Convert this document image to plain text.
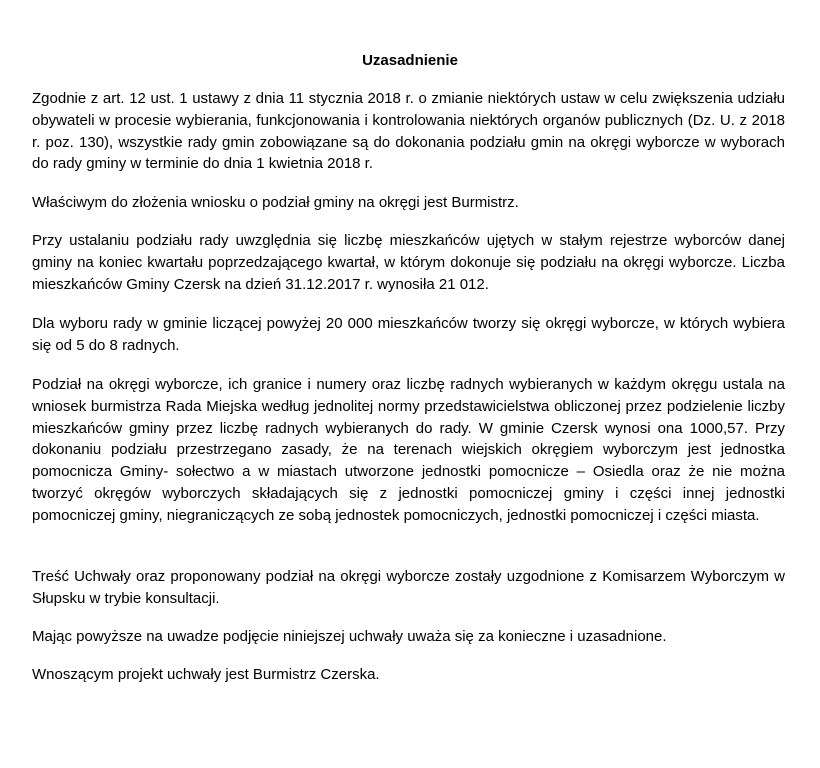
Uzasadnienie

Zgodnie z art. 12 ust. 1 ustawy z dnia 11 stycznia 2018 r. o zmianie niektórych ustaw w celu zwiększenia udziału obywateli w procesie wybierania, funkcjonowania i kontrolowania niektórych organów publicznych (Dz. U. z 2018 r. poz. 130), wszystkie rady gmin zobowiązane są do dokonania podziału gmin na okręgi wyborcze w wyborach do rady gminy w terminie do dnia 1 kwietnia 2018 r.

Właściwym do złożenia wniosku o podział gminy na okręgi jest Burmistrz.

Przy ustalaniu podziału rady uwzględnia się liczbę mieszkańców ujętych w stałym rejestrze wyborców danej gminy na koniec kwartału poprzedzającego kwartał, w którym dokonuje się podziału na okręgi wyborcze. Liczba mieszkańców Gminy Czersk na dzień 31.12.2017 r. wynosiła 21 012.

Dla wyboru rady w gminie liczącej powyżej 20 000 mieszkańców tworzy się okręgi wyborcze, w których wybiera się od 5 do 8 radnych.

Podział na okręgi wyborcze, ich granice i numery oraz liczbę radnych wybieranych w każdym okręgu ustala na wniosek burmistrza Rada Miejska według jednolitej normy przedstawicielstwa obliczonej przez podzielenie liczby mieszkańców gminy przez liczbę radnych wybieranych do rady. W gminie Czersk wynosi ona 1000,57. Przy dokonaniu podziału przestrzegano zasady, że na terenach wiejskich okręgiem wyborczym jest jednostka pomocnicza Gminy- sołectwo a w miastach utworzone jednostki pomocnicze – Osiedla oraz że nie można tworzyć okręgów wyborczych składających się z jednostki pomocniczej gminy i części innej jednostki pomocniczej gminy, niegraniczących ze sobą jednostek pomocniczych, jednostki pomocniczej i części miasta.

Treść Uchwały oraz proponowany podział na okręgi wyborcze zostały uzgodnione z Komisarzem Wyborczym w Słupsku w trybie konsultacji.

Mając powyższe na uwadze podjęcie niniejszej uchwały uważa się za konieczne i uzasadnione.

Wnoszącym projekt uchwały jest Burmistrz Czerska.
